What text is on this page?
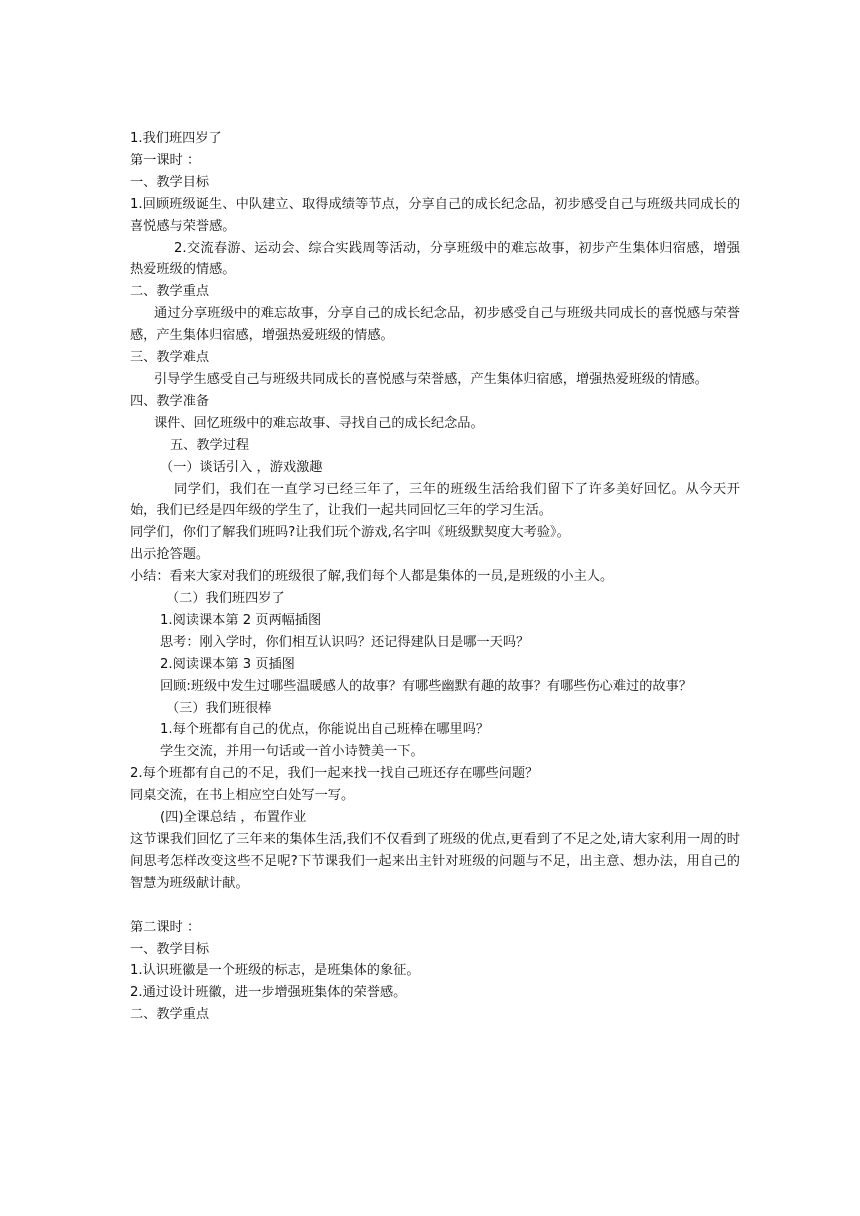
1.我们班四岁了

第一课时 ：

一、教学目标

1.回顾班级诞生、中队建立、取得成绩等节点，分享自己的成长纪念品，初步感受自己与班级共同成长的喜悦感与荣誉感。

2.交流春游、运动会、综合实践周等活动，分享班级中的难忘故事，初步产生集体归宿感，增强热爱班级的情感。

二、教学重点

通过分享班级中的难忘故事，分享自己的成长纪念品，初步感受自己与班级共同成长的喜悦感与荣誉感，产生集体归宿感，增强热爱班级的情感。

三、教学难点

引导学生感受自己与班级共同成长的喜悦感与荣誉感，产生集体归宿感，增强热爱班级的情感。

四、教学准备

课件、回忆班级中的难忘故事、寻找自己的成长纪念品。

五、教学过程

（一）谈话引入 ，游戏激趣

同学们，我们在一直学习已经三年了，三年的班级生活给我们留下了许多美好回忆。从今天开始，我们已经是四年级的学生了，让我们一起共同回忆三年的学习生活。

同学们，你们了解我们班吗?让我们玩个游戏,名字叫《班级默契度大考验》。

出示抢答题。

小结：看来大家对我们的班级很了解,我们每个人都是集体的一员,是班级的小主人。

（二）我们班四岁了

1.阅读课本第 2 页两幅插图

思考：刚入学时，你们相互认识吗？还记得建队日是哪一天吗？

2.阅读课本第 3 页插图

回顾:班级中发生过哪些温暖感人的故事？有哪些幽默有趣的故事？有哪些伤心难过的故事？

（三）我们班很棒

1.每个班都有自己的优点，你能说出自己班棒在哪里吗？

学生交流，并用一句话或一首小诗赞美一下。

2.每个班都有自己的不足，我们一起来找一找自己班还存在哪些问题？

同桌交流，在书上相应空白处写一写。

(四)全课总结 ，布置作业

这节课我们回忆了三年来的集体生活,我们不仅看到了班级的优点,更看到了不足之处,请大家利用一周的时间思考怎样改变这些不足呢?下节课我们一起来出主针对班级的问题与不足，出主意、想办法，用自己的智慧为班级献计献。

第二课时 ：

一、教学目标

1.认识班徽是一个班级的标志，是班集体的象征。

2.通过设计班徽，进一步增强班集体的荣誉感。

二、教学重点
